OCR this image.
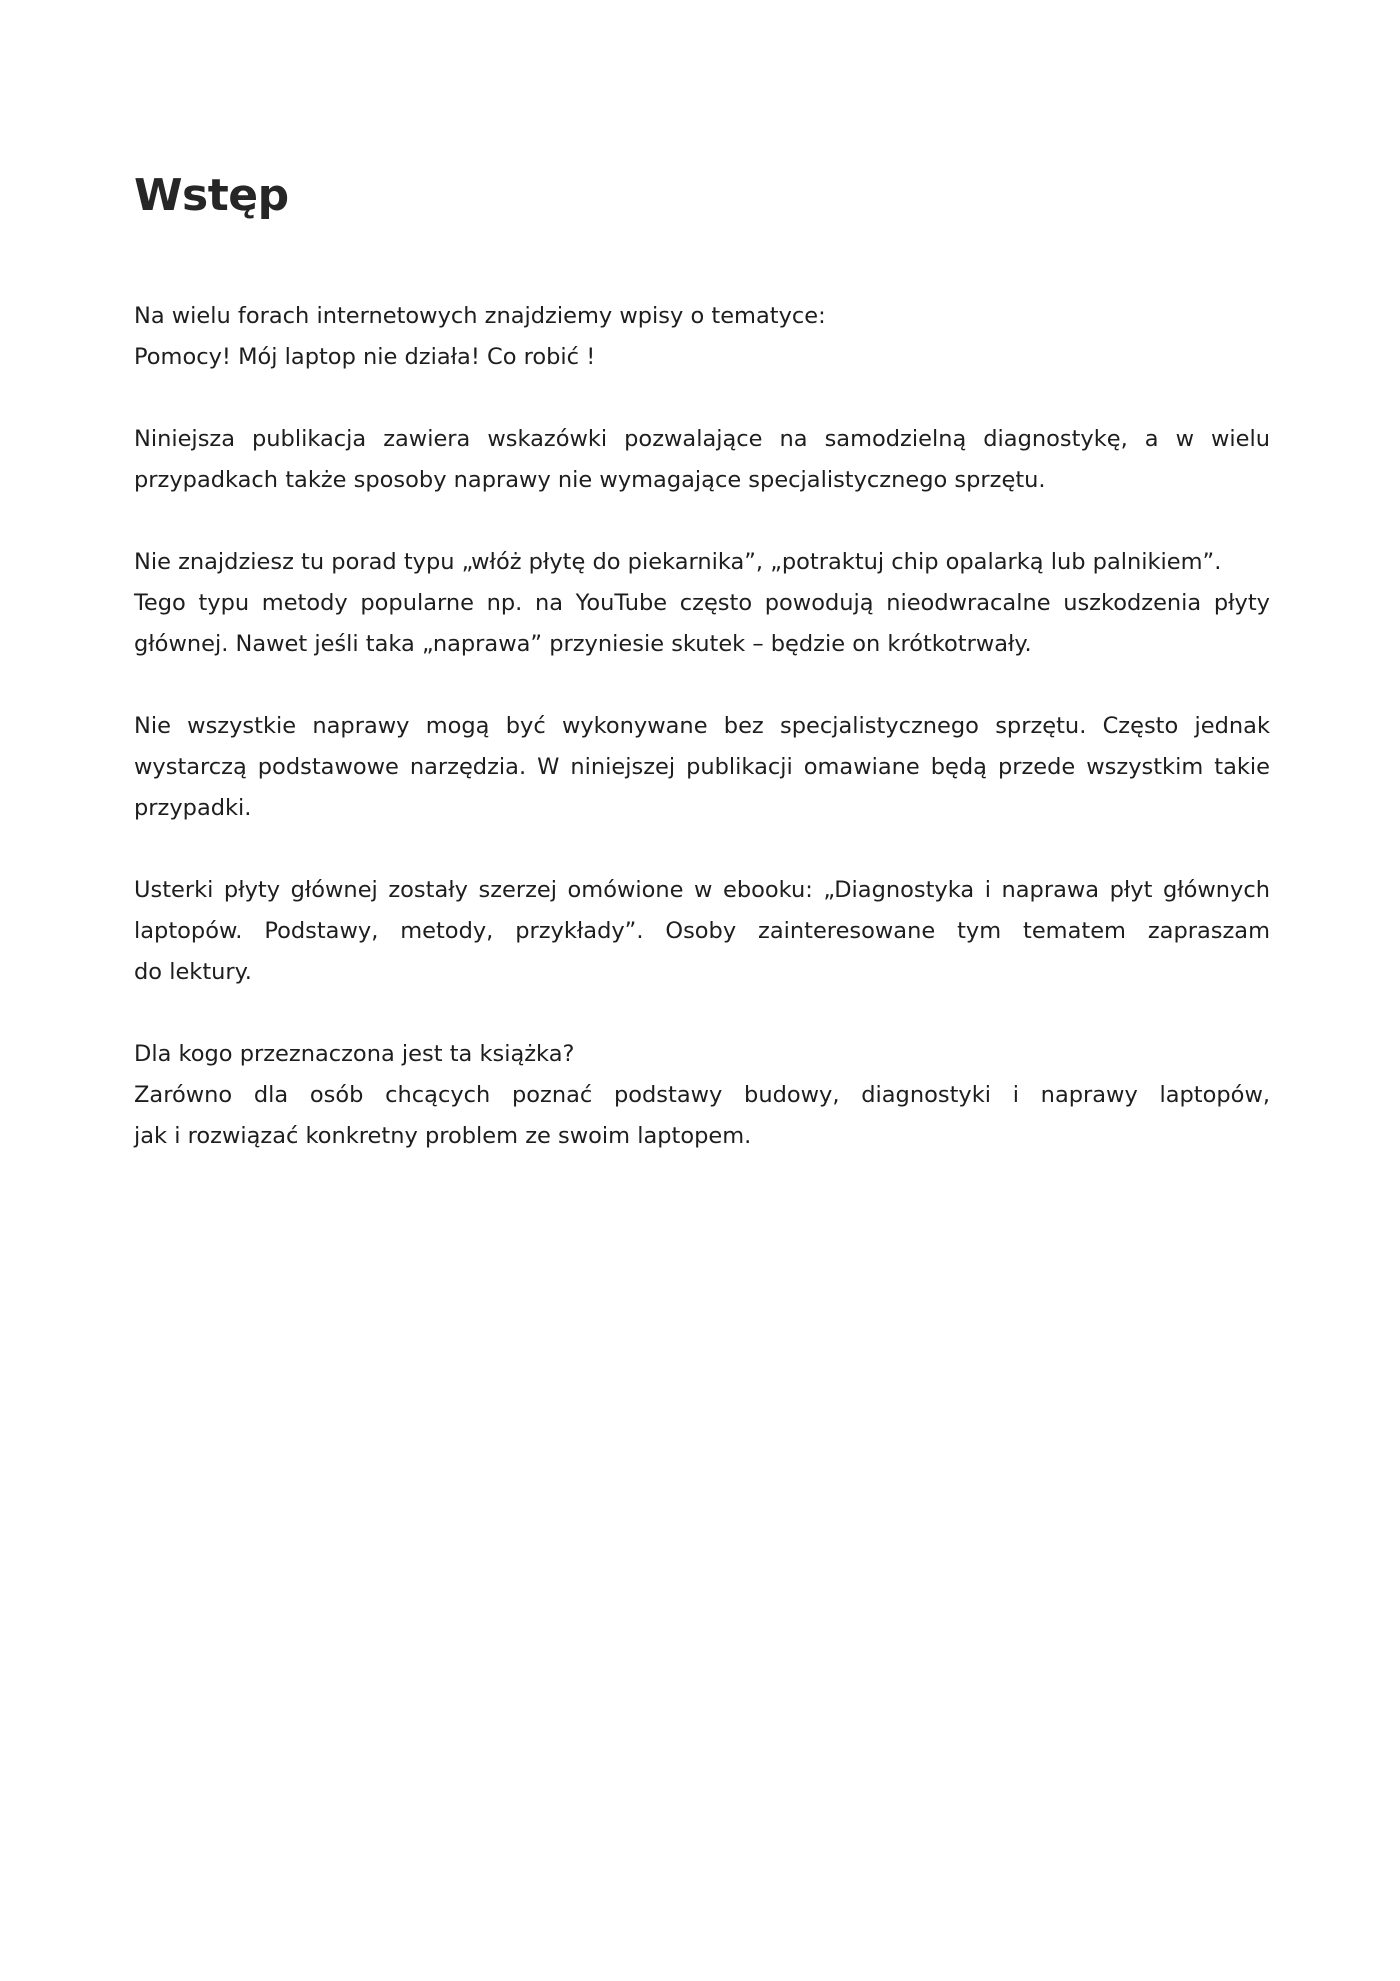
Wstęp

Na wielu forach internetowych znajdziemy wpisy o tematyce:
Pomocy! Mój laptop nie działa! Co robić !

Niniejsza publikacja zawiera wskazówki pozwalające na samodzielną diagnostykę, a w wielu
przypadkach także sposoby naprawy nie wymagające specjalistycznego sprzętu.

Nie znajdziesz tu porad typu „włóż płytę do piekarnika”, „potraktuj chip opalarką lub palnikiem”.
Tego typu metody popularne np. na YouTube często powodują nieodwracalne uszkodzenia płyty
głównej. Nawet jeśli taka „naprawa” przyniesie skutek – będzie on krótkotrwały.

Nie wszystkie naprawy mogą być wykonywane bez specjalistycznego sprzętu. Często jednak
wystarczą podstawowe narzędzia. W niniejszej publikacji omawiane będą przede wszystkim takie
przypadki.

Usterki płyty głównej zostały szerzej omówione w ebooku: „Diagnostyka i naprawa płyt głównych
laptopów. Podstawy, metody, przykłady”. Osoby zainteresowane tym tematem zapraszam
do lektury.

Dla kogo przeznaczona jest ta książka?
Zarówno dla osób chcących poznać podstawy budowy, diagnostyki i naprawy laptopów,
jak i rozwiązać konkretny problem ze swoim laptopem.
